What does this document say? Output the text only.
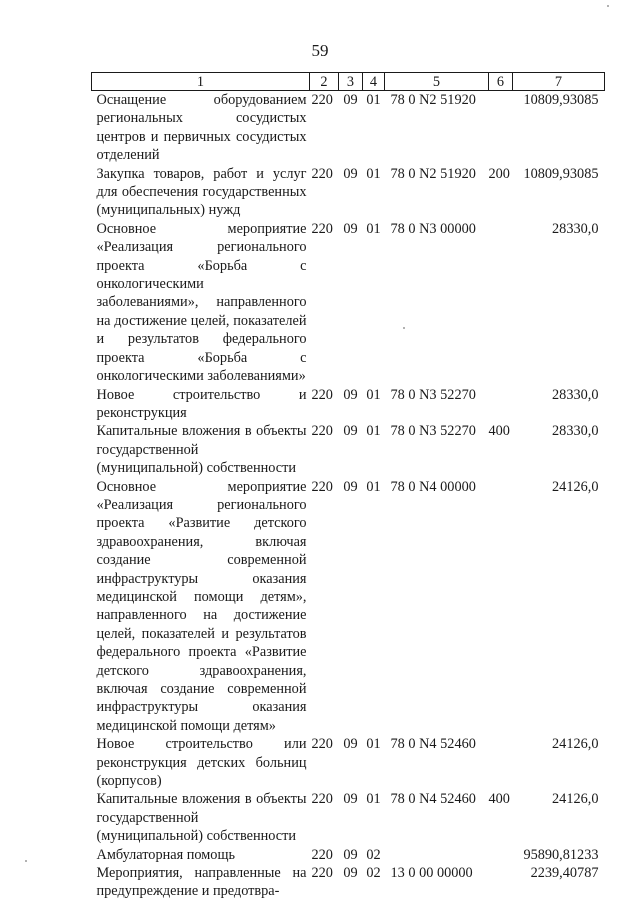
59
1	2	3	4	5	6	7
Оснащение оборудованием региональных сосудистых центров и первичных сосудистых отделений	220	09	01	78 0 N2 51920		10809,93085
Закупка товаров, работ и услуг для обеспечения государственных (муниципальных) нужд	220	09	01	78 0 N2 51920	200	10809,93085
Основное мероприятие «Реализация регионального проекта «Борьба с онкологическими заболеваниями», направленного на достижение целей, показателей и результатов федерального проекта «Борьба с онкологическими заболеваниями»	220	09	01	78 0 N3 00000		28330,0
Новое строительство и реконструкция	220	09	01	78 0 N3 52270		28330,0
Капитальные вложения в объекты государственной (муниципальной) собственности	220	09	01	78 0 N3 52270	400	28330,0
Основное мероприятие «Реализация регионального проекта «Развитие детского здравоохранения, включая создание современной инфраструктуры оказания медицинской помощи детям», направленного на достижение целей, показателей и результатов федерального проекта «Развитие детского здравоохранения, включая создание современной инфраструктуры оказания медицинской помощи детям»	220	09	01	78 0 N4 00000		24126,0
Новое строительство или реконструкция детских больниц (корпусов)	220	09	01	78 0 N4 52460		24126,0
Капитальные вложения в объекты государственной (муниципальной) собственности	220	09	01	78 0 N4 52460	400	24126,0
Амбулаторная помощь	220	09	02			95890,81233
Мероприятия, направленные на предупреждение и предотвра-	220	09	02	13 0 00 00000		2239,40787
